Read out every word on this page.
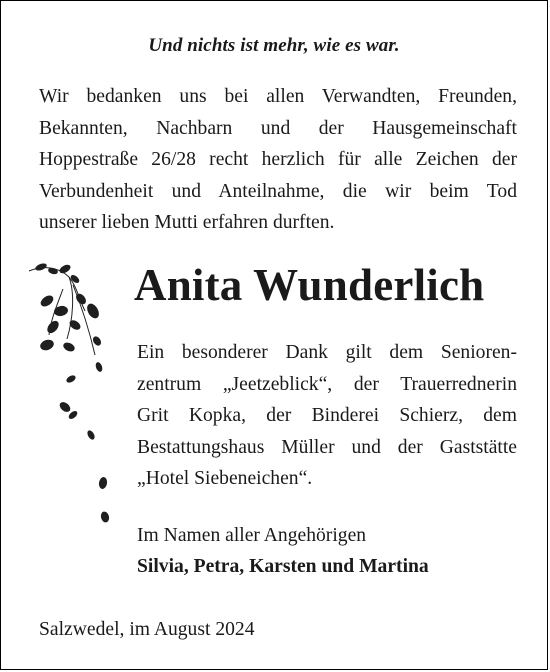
Und nichts ist mehr, wie es war.
Wir bedanken uns bei allen Verwandten, Freunden,
Bekannten, Nachbarn und der Hausgemeinschaft
Hoppestraße 26/28 recht herzlich für alle Zeichen der
Verbundenheit und Anteilnahme, die wir beim Tod
unserer lieben Mutti erfahren durften.
Anita Wunderlich
Ein besonderer Dank gilt dem Senioren-
zentrum „Jeetzeblick“, der Trauerrednerin
Grit Kopka, der Binderei Schierz, dem
Bestattungshaus Müller und der Gaststätte
„Hotel Siebeneichen“.

Im Namen aller Angehörigen

Silvia, Petra, Karsten und Martina

Salzwedel, im August 2024
